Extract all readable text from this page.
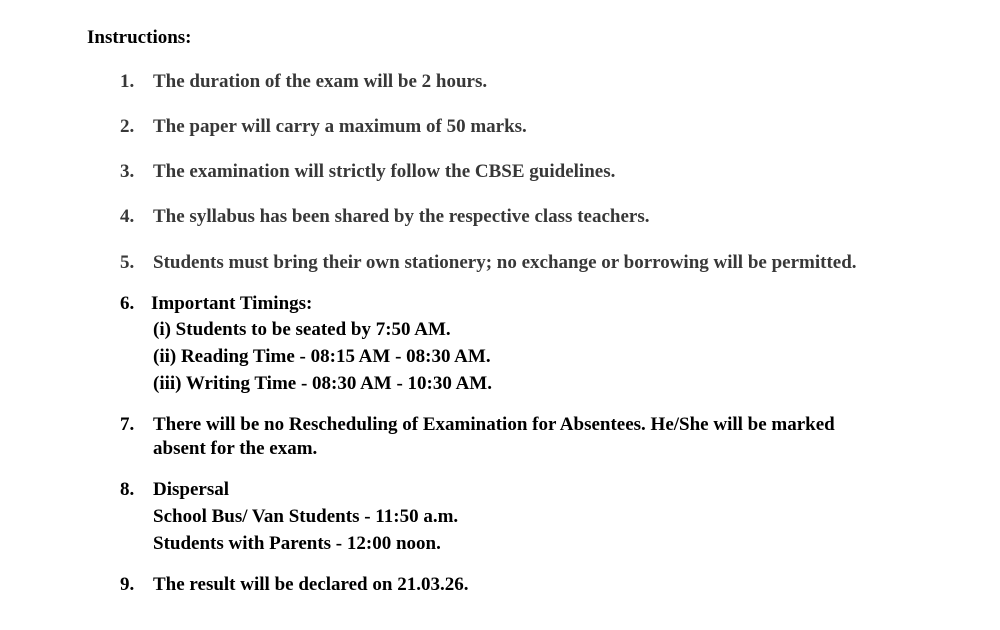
Instructions:
1. The duration of the exam will be 2 hours.
2. The paper will carry a maximum of 50 marks.
3. The examination will strictly follow the CBSE guidelines.
4. The syllabus has been shared by the respective class teachers.
5. Students must bring their own stationery; no exchange or borrowing will be permitted.
6. Important Timings:
(i) Students to be seated by 7:50 AM.
(ii) Reading Time - 08:15 AM - 08:30 AM.
(iii) Writing Time - 08:30 AM - 10:30 AM.
7. There will be no Rescheduling of Examination for Absentees. He/She will be marked
absent for the exam.
8. Dispersal
School Bus/ Van Students - 11:50 a.m.
Students with Parents - 12:00 noon.
9. The result will be declared on 21.03.26.
